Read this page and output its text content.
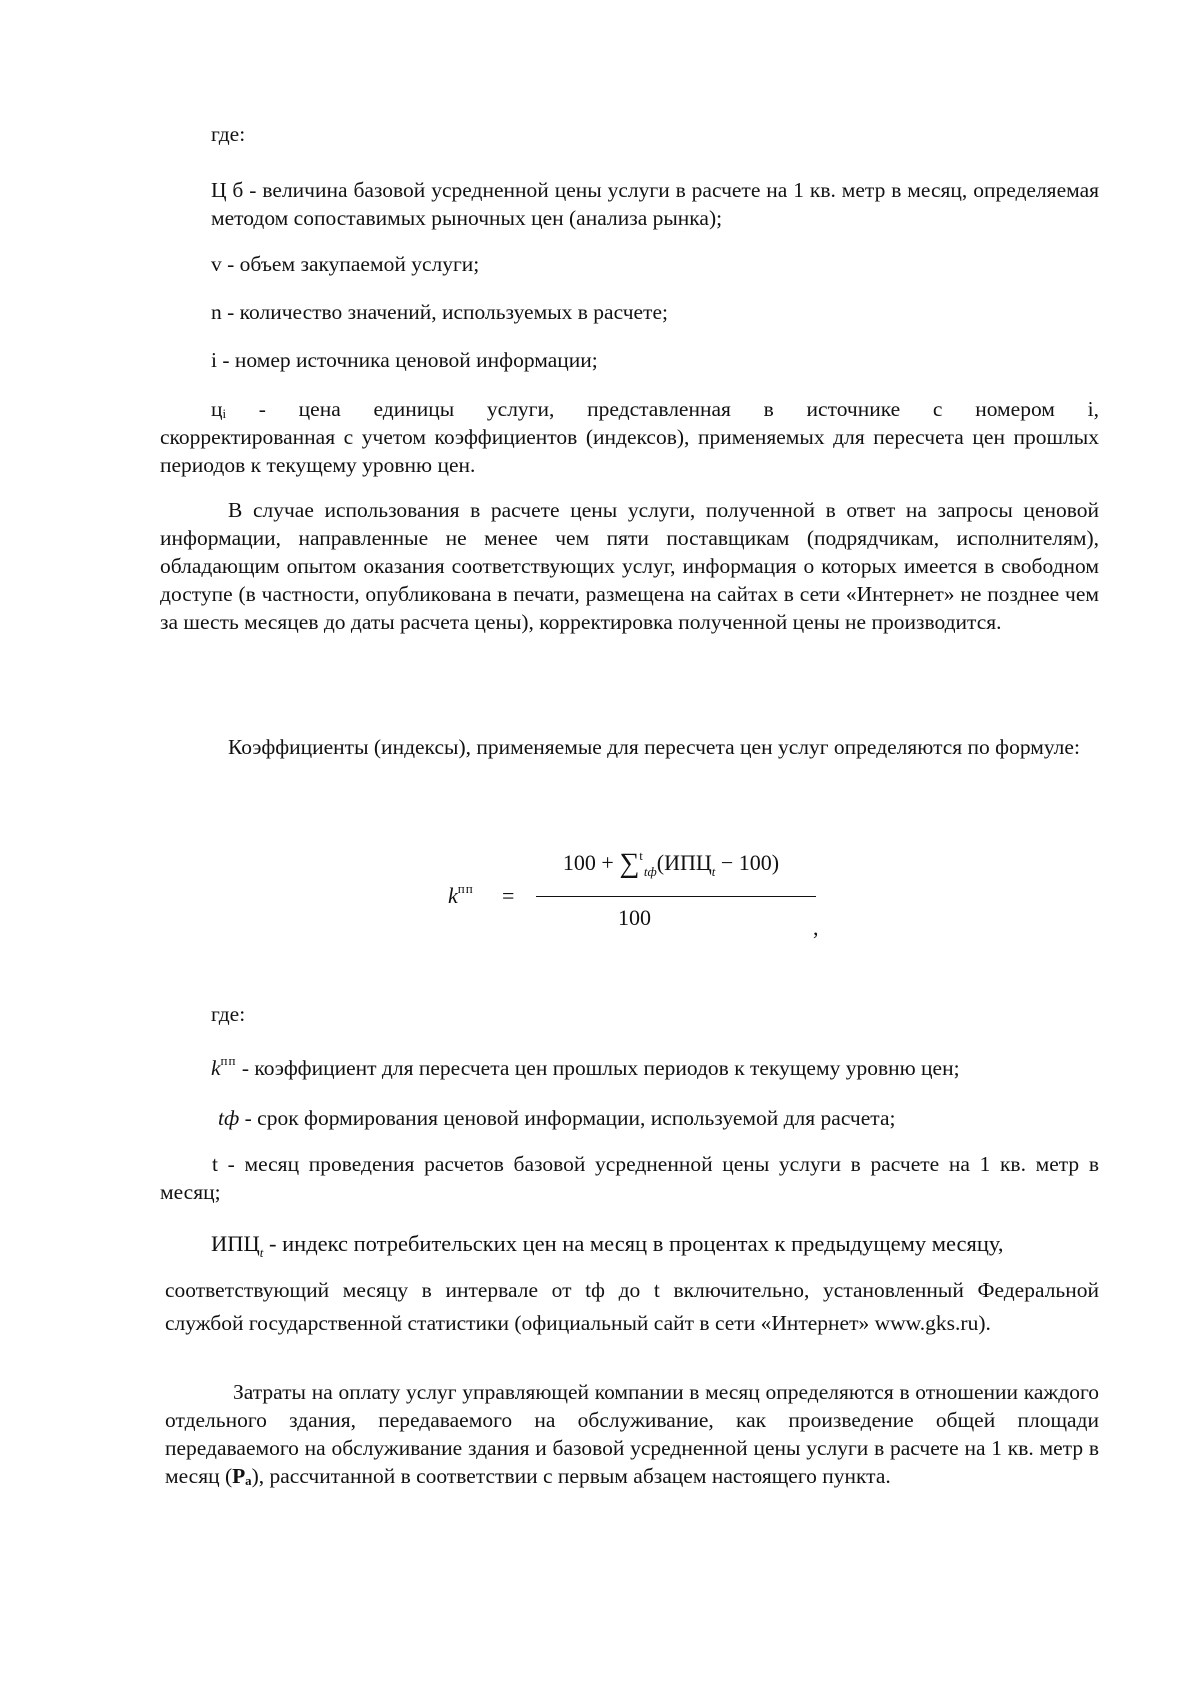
где:

Ц б - величина базовой усредненной цены услуги в расчете на 1 кв. метр в месяц, определяемая методом сопоставимых рыночных цен (анализа рынка);

v - объем закупаемой услуги;

n - количество значений, используемых в расчете;

i - номер источника ценовой информации;

цᵢ - цена единицы услуги, представленная в источнике с номером i,

скорректированная с учетом коэффициентов (индексов), применяемых для пересчета цен прошлых периодов к текущему уровню цен.

В случае использования в расчете цены услуги, полученной в ответ на запросы ценовой информации, направленные не менее чем пяти поставщикам (подрядчикам, исполнителям), обладающим опытом оказания соответствующих услуг, информация о которых имеется в свободном доступе (в частности, опубликована в печати, размещена на сайтах в сети «Интернет» не позднее чем за шесть месяцев до даты расчета цены), корректировка полученной цены не производится.

Коэффициенты (индексы), применяемые для пересчета цен услуг определяются по формуле:

$k^{пп}$ =
$100 + \sum^t_{tф}(ИПЦ_t - 100)$
100	,

где:

$k^{пп}$ - коэффициент для пересчета цен прошлых периодов к текущему уровню цен;

tф - срок формирования ценовой информации, используемой для расчета;

t - месяц проведения расчетов базовой усредненной цены услуги в расчете на 1 кв. метр в месяц;

$ИПЦ_t$ - индекс потребительских цен на месяц в процентах к предыдущему месяцу,

соответствующий месяцу в интервале от tф до t включительно, установленный Федеральной службой государственной статистики (официальный сайт в сети «Интернет» www.gks.ru).

Затраты на оплату услуг управляющей компании в месяц определяются в отношении каждого отдельного здания, передаваемого на обслуживание, как произведение общей площади передаваемого на обслуживание здания и базовой усредненной цены услуги в расчете на 1 кв. метр в месяц (Pₐ), рассчитанной в соответствии с первым абзацем настоящего пункта.
